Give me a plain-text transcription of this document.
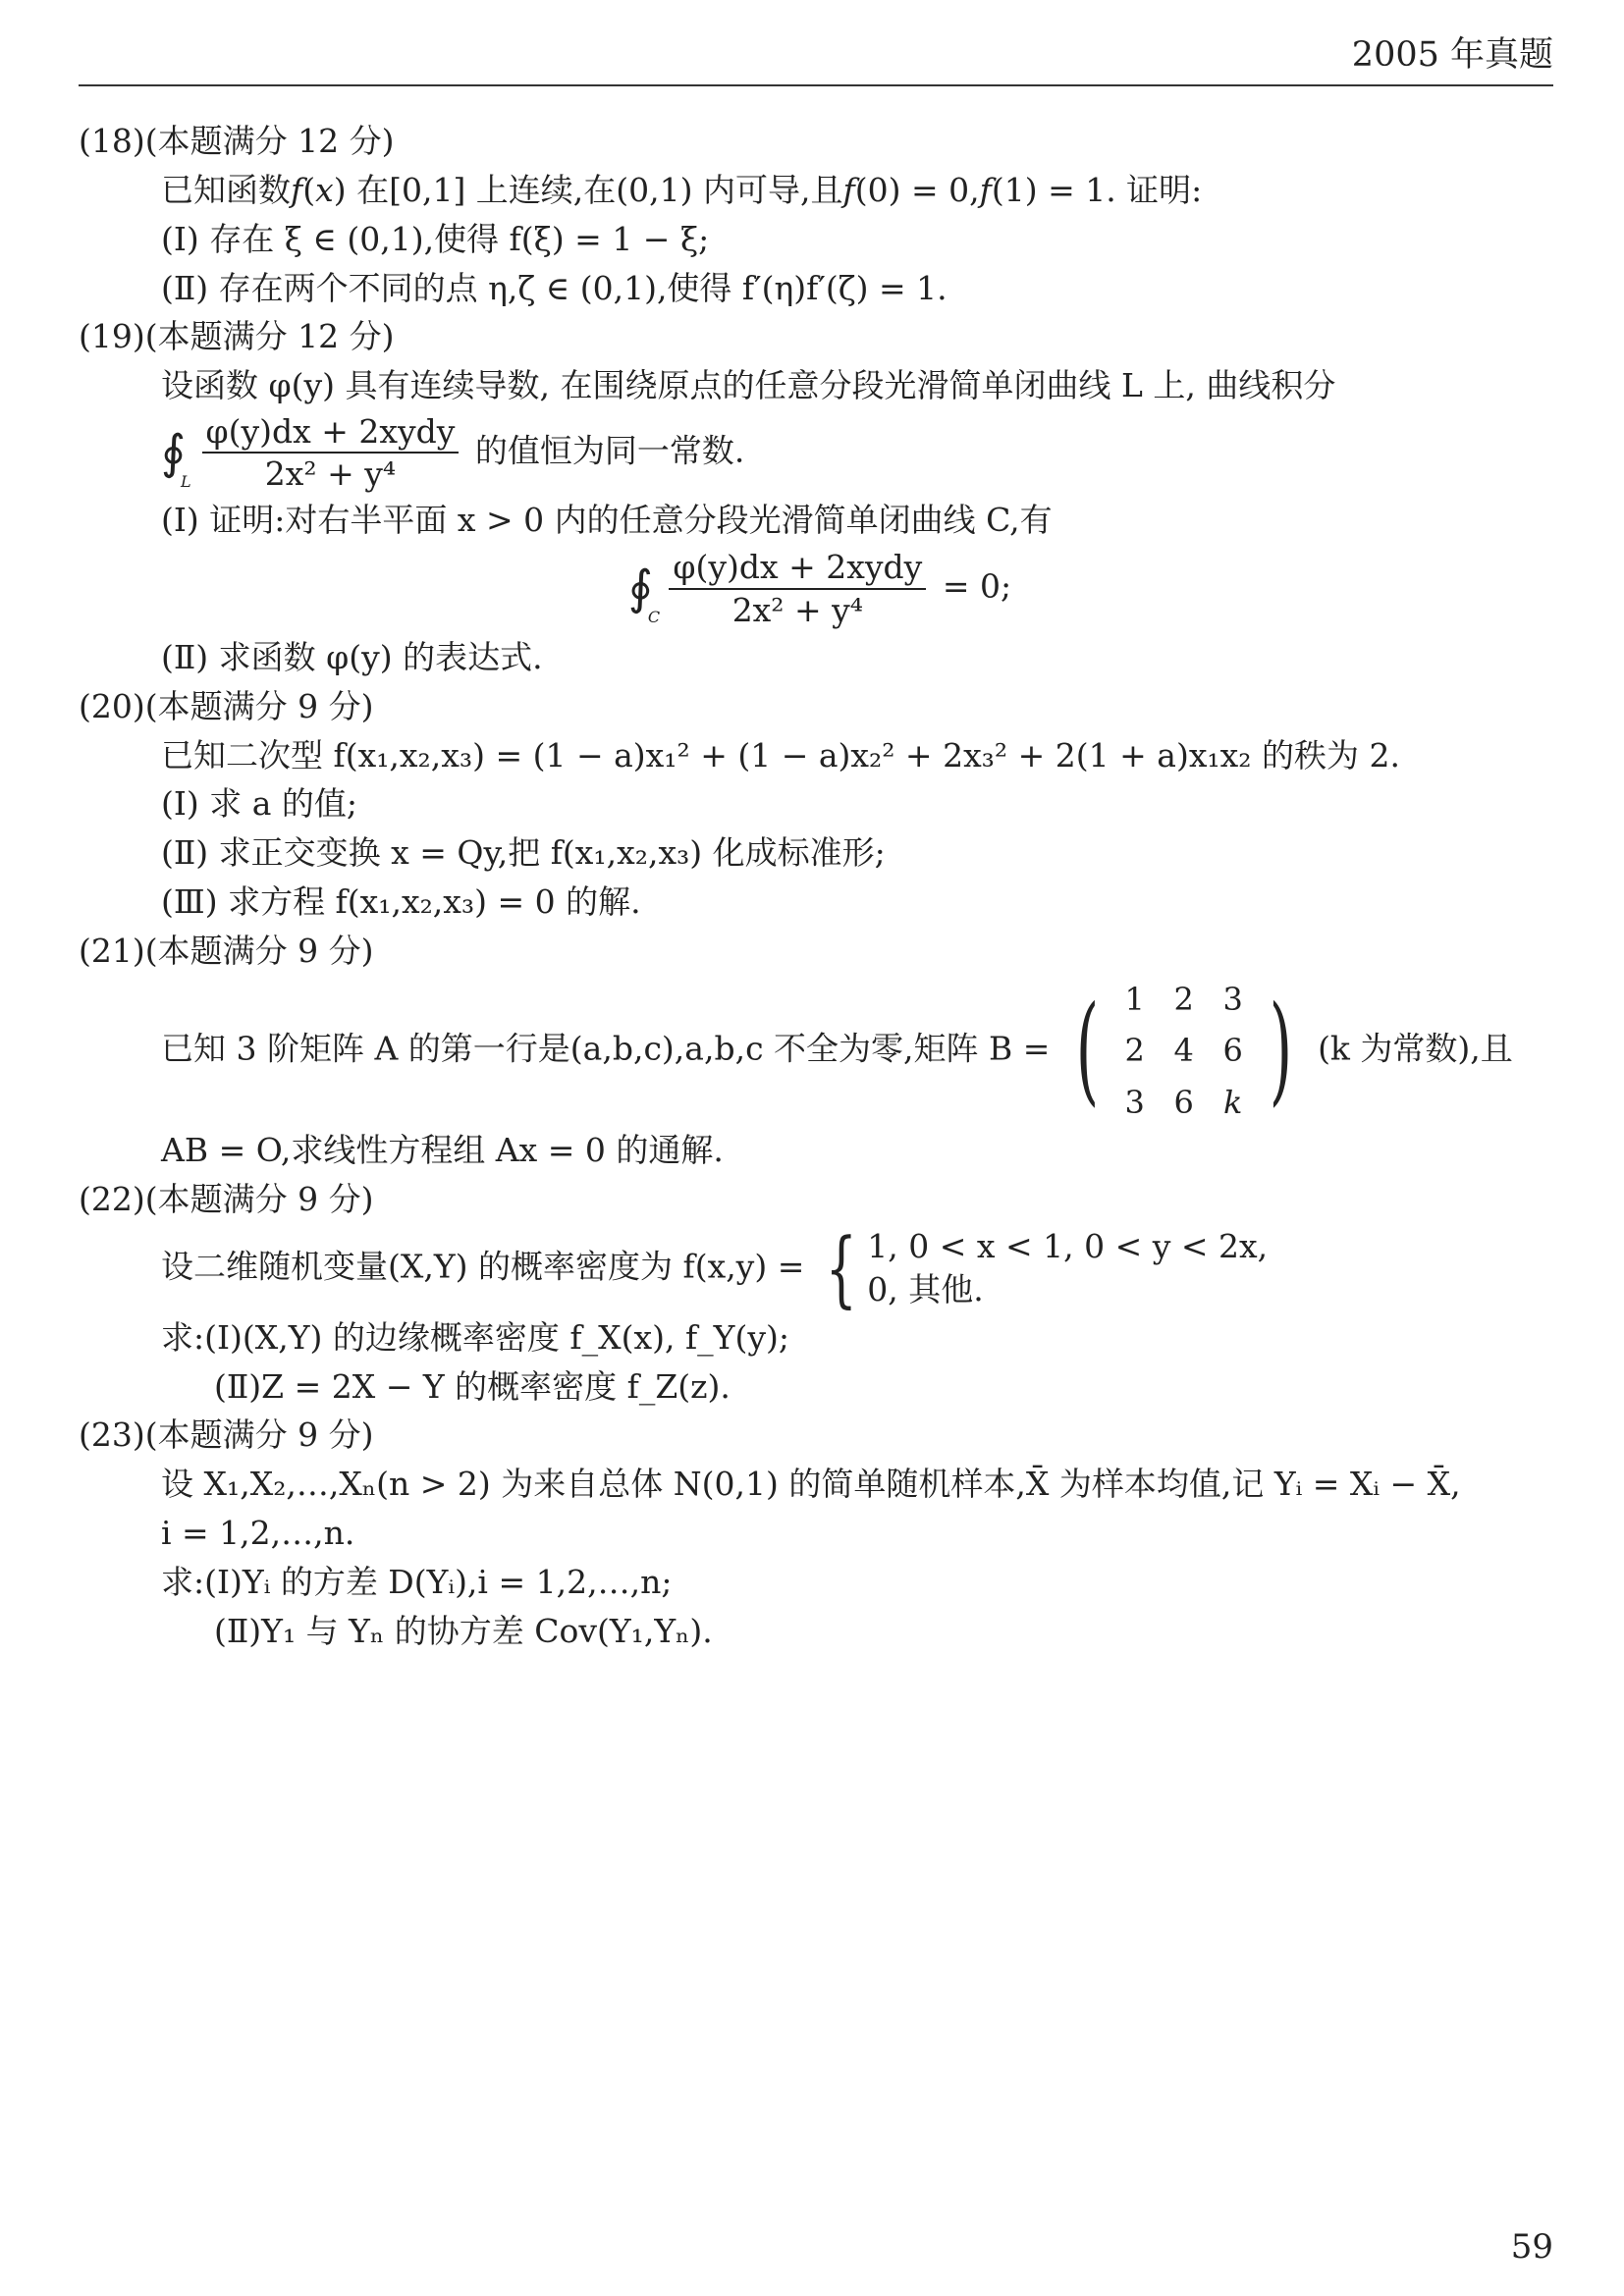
2005 年真题
(18)(本题满分 12 分)
已知函数f(x) 在[0,1] 上连续,在(0,1) 内可导,且f(0) = 0,f(1) = 1. 证明:
(Ⅰ) 存在 ξ ∈ (0,1),使得 f(ξ) = 1 − ξ;
(Ⅱ) 存在两个不同的点 η,ζ ∈ (0,1),使得 f′(η)f′(ζ) = 1.
(19)(本题满分 12 分)
设函数 φ(y) 具有连续导数, 在围绕原点的任意分段光滑简单闭曲线 L 上, 曲线积分
∮
L
$\frac{\text{φ(y)dx + 2xydy}}{\text{2x² + y⁴}}$ 的值恒为同一常数.
(Ⅰ) 证明:对右半平面 x > 0 内的任意分段光滑简单闭曲线 C,有
∮
C
$\frac{\text{φ(y)dx + 2xydy}}{\text{2x² + y⁴}} = 0$;
(Ⅱ) 求函数 φ(y) 的表达式.
(20)(本题满分 9 分)
已知二次型 f(x₁,x₂,x₃) = (1 − a)x₁² + (1 − a)x₂² + 2x₃² + 2(1 + a)x₁x₂ 的秩为 2.
(Ⅰ) 求 a 的值;
(Ⅱ) 求正交变换 x = Qy,把 f(x₁,x₂,x₃) 化成标准形;
(Ⅲ) 求方程 f(x₁,x₂,x₃) = 0 的解.
(21)(本题满分 9 分)
已知 3 阶矩阵 A 的第一行是(a,b,c),a,b,c 不全为零,矩阵 B = ( 1 2 3
2 4 6
3 6 k ) (k 为常数),且
AB = O,求线性方程组 Ax = 0 的通解.
(22)(本题满分 9 分)
设二维随机变量(X,Y) 的概率密度为 f(x,y) = { 1, 0 < x < 1, 0 < y < 2x,
0, 其他.
求:(Ⅰ)(X,Y) 的边缘概率密度 f_X(x), f_Y(y);
(Ⅱ)Z = 2X − Y 的概率密度 f_Z(z).
(23)(本题满分 9 分)
设 X₁,X₂,…,Xₙ(n > 2) 为来自总体 N(0,1) 的简单随机样本,X̄ 为样本均值,记 Yᵢ = Xᵢ − X̄,
i = 1,2,…,n.
求:(Ⅰ)Yᵢ 的方差 D(Yᵢ),i = 1,2,…,n;
(Ⅱ)Y₁ 与 Yₙ 的协方差 Cov(Y₁,Yₙ).
59
